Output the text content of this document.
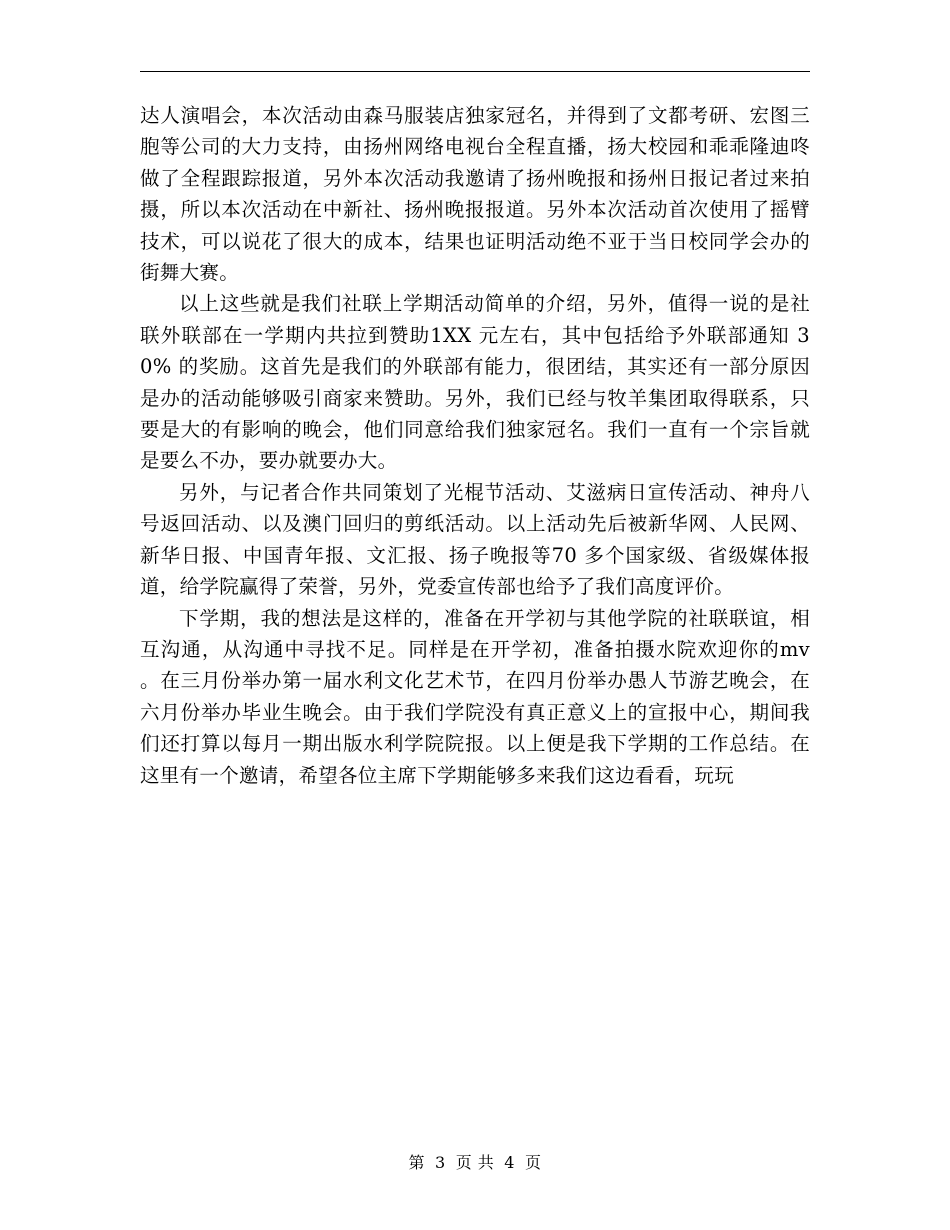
达人演唱会，本次活动由森马服装店独家冠名，并得到了文都考研、宏图三胞等公司的大力支持，由扬州网络电视台全程直播，扬大校园和乖乖隆迪咚做了全程跟踪报道，另外本次活动我邀请了扬州晚报和扬州日报记者过来拍摄，所以本次活动在中新社、扬州晚报报道。另外本次活动首次使用了摇臂技术，可以说花了很大的成本，结果也证明活动绝不亚于当日校同学会办的街舞大赛。

以上这些就是我们社联上学期活动简单的介绍，另外，值得一说的是社联外联部在一学期内共拉到赞助1XX 元左右，其中包括给予外联部通知 30% 的奖励。这首先是我们的外联部有能力，很团结，其实还有一部分原因是办的活动能够吸引商家来赞助。另外，我们已经与牧羊集团取得联系，只要是大的有影响的晚会，他们同意给我们独家冠名。我们一直有一个宗旨就是要么不办，要办就要办大。

另外，与记者合作共同策划了光棍节活动、艾滋病日宣传活动、神舟八号返回活动、以及澳门回归的剪纸活动。以上活动先后被新华网、人民网、新华日报、中国青年报、文汇报、扬子晚报等70 多个国家级、省级媒体报道，给学院赢得了荣誉，另外，党委宣传部也给予了我们高度评价。

下学期，我的想法是这样的，准备在开学初与其他学院的社联联谊，相互沟通，从沟通中寻找不足。同样是在开学初，准备拍摄水院欢迎你的mv 。在三月份举办第一届水利文化艺术节，在四月份举办愚人节游艺晚会，在六月份举办毕业生晚会。由于我们学院没有真正意义上的宣报中心，期间我们还打算以每月一期出版水利学院院报。以上便是我下学期的工作总结。在这里有一个邀请，希望各位主席下学期能够多来我们这边看看，玩玩

第 3 页 共 4 页
